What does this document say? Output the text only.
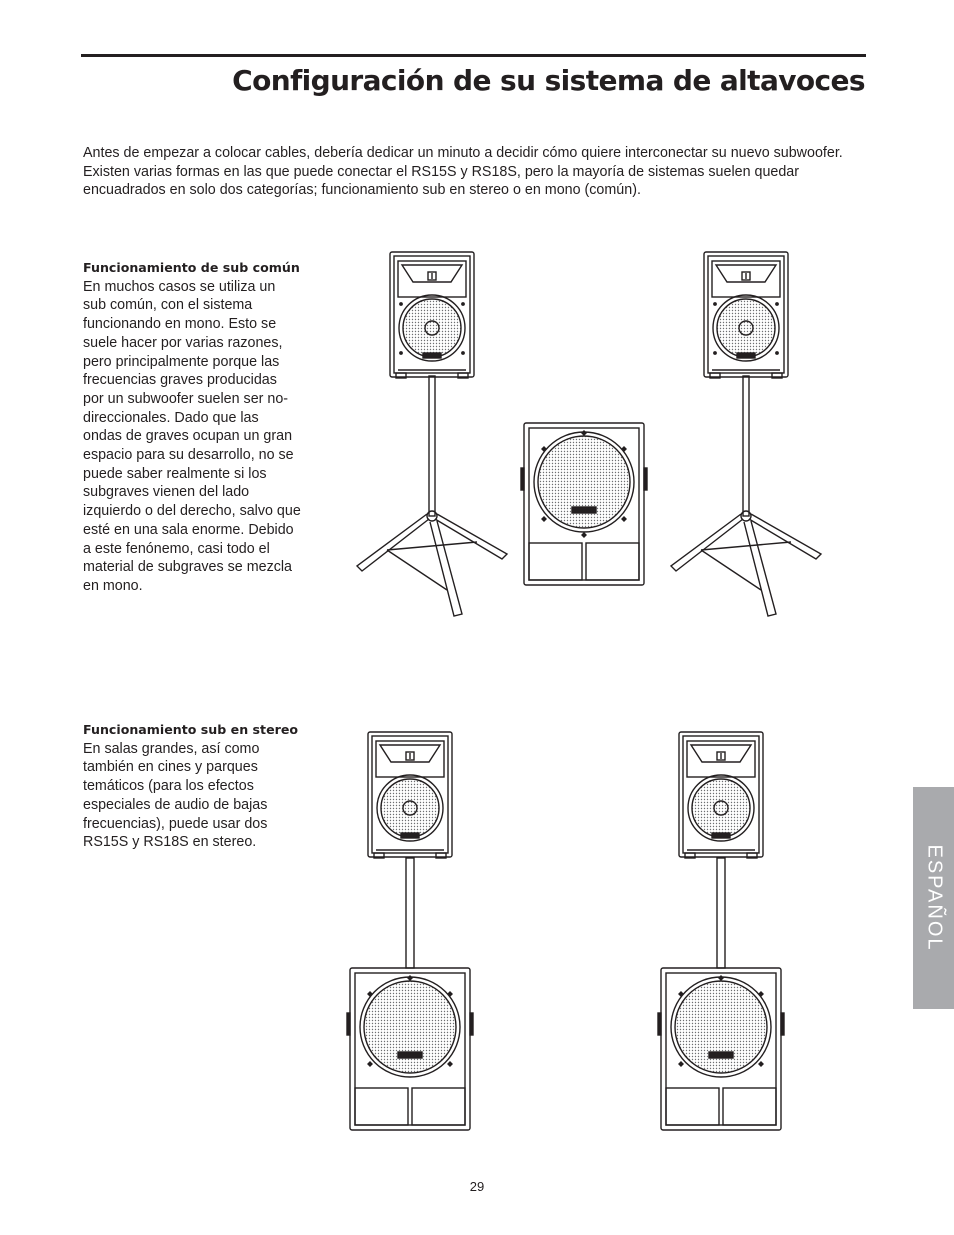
Configuración de su sistema de altavoces

Antes de empezar a colocar cables, debería dedicar un minuto a decidir cómo quiere interconectar su nuevo subwoofer. Existen varias formas en las que puede conectar el RS15S y RS18S, pero la mayoría de sistemas suelen quedar encuadrados en solo dos categorías; funcionamiento sub en stereo o en mono (común).

Funcionamiento de sub común
En muchos casos se utiliza un sub común, con el sistema funcionando en mono. Esto se suele hacer por varias razones, pero principalmente porque las frecuencias graves producidas por un subwoofer suelen ser no-direccionales. Dado que las ondas de graves ocupan un gran espacio para su desarrollo, no se puede saber realmente si los subgraves vienen del lado izquierdo o del derecho, salvo que esté en una sala enorme. Debido a este fenónemo, casi todo el material de subgraves se mezcla en mono.
Funcionamiento sub en stereo
En salas grandes, así como también en cines y parques temáticos (para los efectos especiales de audio de bajas frecuencias), puede usar dos RS15S y RS18S en stereo.
ESPAÑOL
29
